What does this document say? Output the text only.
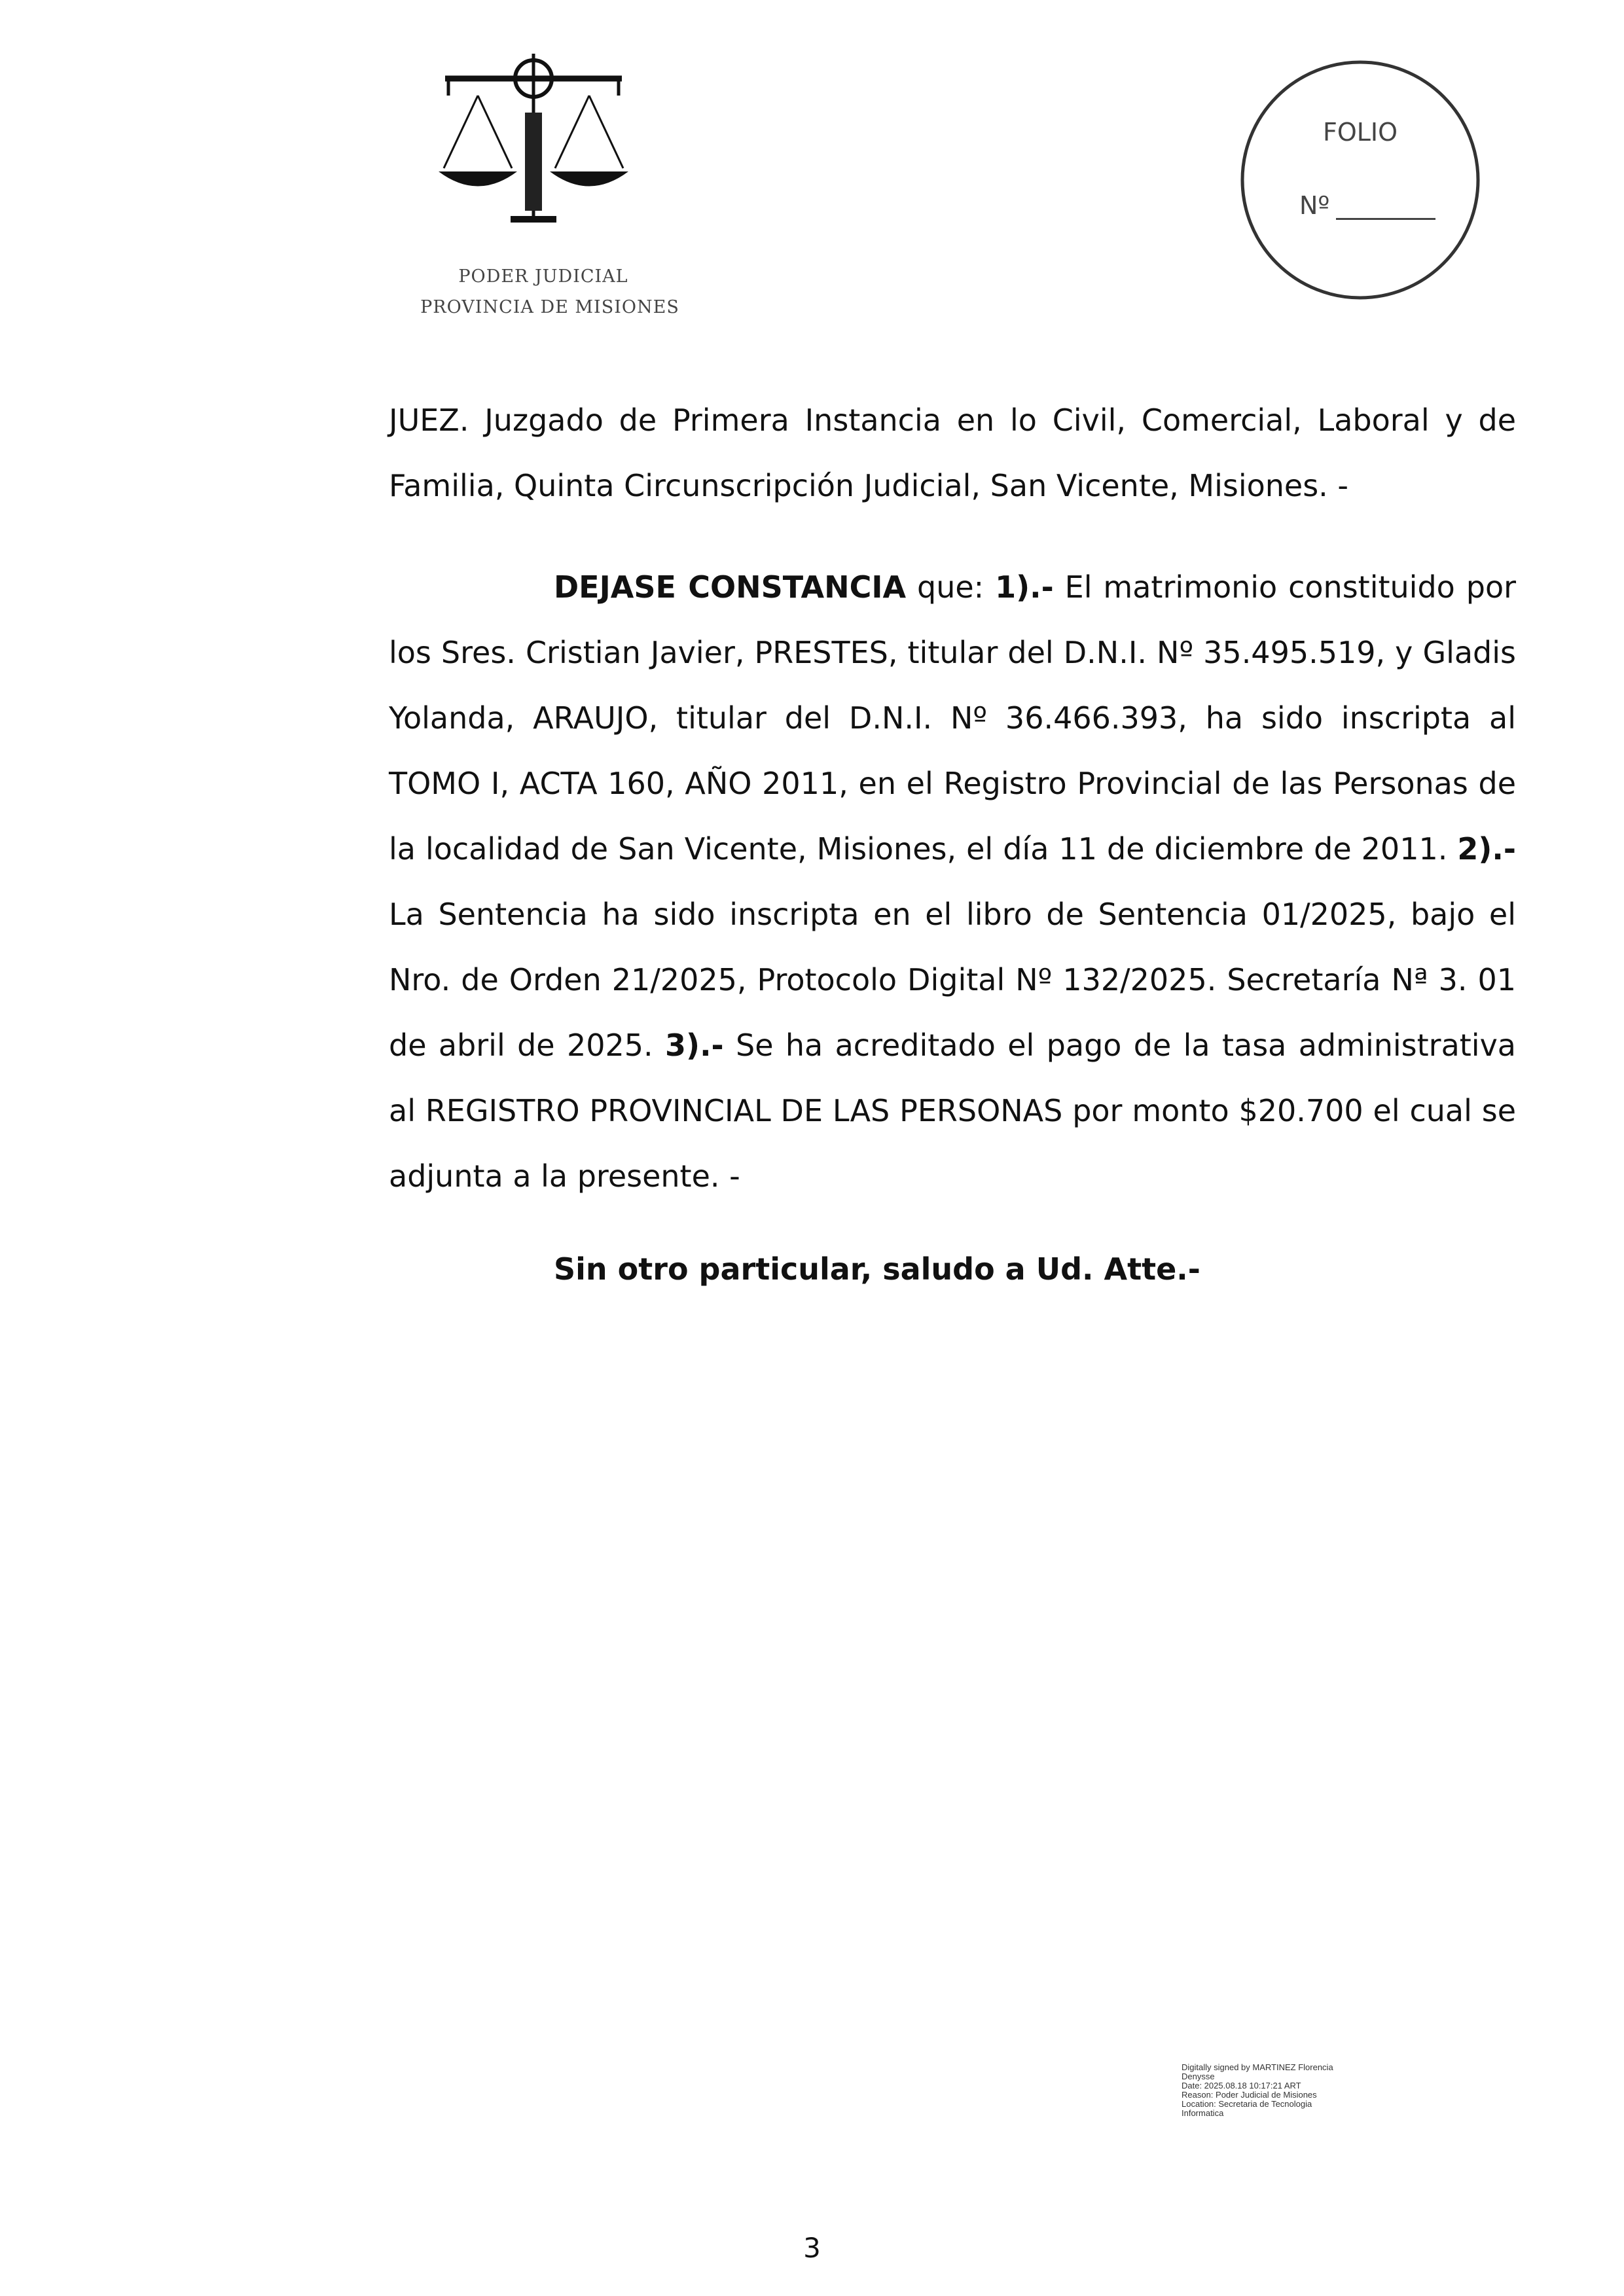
PODER JUDICIAL
PROVINCIA DE MISIONES
FOLIO
Nº

JUEZ. Juzgado de Primera Instancia en lo Civil, Comercial, Laboral y de Familia, Quinta Circunscripción Judicial, San Vicente, Misiones. -

DEJASE CONSTANCIA que: 1).- El matrimonio constituido por los Sres. Cristian Javier, PRESTES, titular del D.N.I. Nº 35.495.519, y Gladis Yolanda, ARAUJO, titular del D.N.I. Nº 36.466.393, ha sido inscripta al TOMO I, ACTA 160, AÑO 2011, en el Registro Provincial de las Personas de la localidad de San Vicente, Misiones, el día 11 de diciembre de 2011. 2).- La Sentencia ha sido inscripta en el libro de Sentencia 01/2025, bajo el Nro. de Orden 21/2025, Protocolo Digital Nº 132/2025. Secretaría Nª 3. 01 de abril de 2025. 3).- Se ha acreditado el pago de la tasa administrativa al REGISTRO PROVINCIAL DE LAS PERSONAS por monto $20.700 el cual se adjunta a la presente. -

Sin otro particular, saludo a Ud. Atte.-
Digitally signed by MARTINEZ Florencia
Denysse
Date: 2025.08.18 10:17:21 ART
Reason: Poder Judicial de Misiones
Location: Secretaria de Tecnologia
Informatica
3
